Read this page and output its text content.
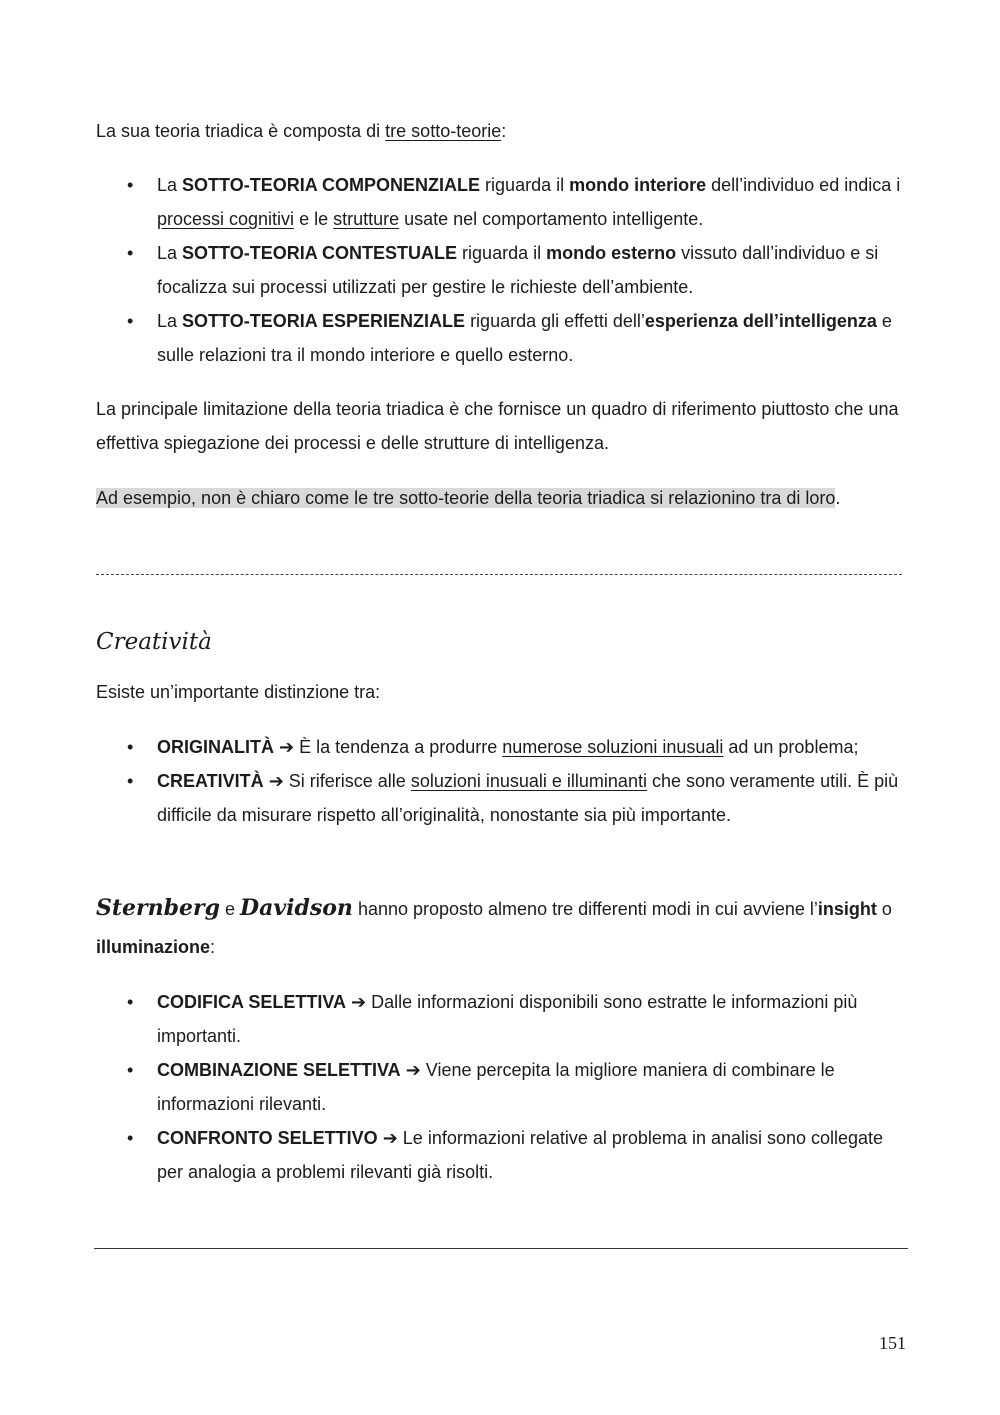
La sua teoria triadica è composta di tre sotto-teorie:

• La SOTTO-TEORIA COMPONENZIALE riguarda il mondo interiore dell’individuo ed indica i processi cognitivi e le strutture usate nel comportamento intelligente.
• La SOTTO-TEORIA CONTESTUALE riguarda il mondo esterno vissuto dall’individuo e si focalizza sui processi utilizzati per gestire le richieste dell’ambiente.
• La SOTTO-TEORIA ESPERIENZIALE riguarda gli effetti dell’esperienza dell’intelligenza e sulle relazioni tra il mondo interiore e quello esterno.

La principale limitazione della teoria triadica è che fornisce un quadro di riferimento piuttosto che una effettiva spiegazione dei processi e delle strutture di intelligenza.

Ad esempio, non è chiaro come le tre sotto-teorie della teoria triadica si relazionino tra di loro.

Creatività

Esiste un’importante distinzione tra:

• ORIGINALITÀ ➔ È la tendenza a produrre numerose soluzioni inusuali ad un problema;
• CREATIVITÀ ➔ Si riferisce alle soluzioni inusuali e illuminanti che sono veramente utili. È più difficile da misurare rispetto all’originalità, nonostante sia più importante.

Sternberg e Davidson hanno proposto almeno tre differenti modi in cui avviene l’insight o illuminazione:

• CODIFICA SELETTIVA ➔ Dalle informazioni disponibili sono estratte le informazioni più importanti.
• COMBINAZIONE SELETTIVA ➔ Viene percepita la migliore maniera di combinare le informazioni rilevanti.
• CONFRONTO SELETTIVO ➔ Le informazioni relative al problema in analisi sono collegate per analogia a problemi rilevanti già risolti.
151
